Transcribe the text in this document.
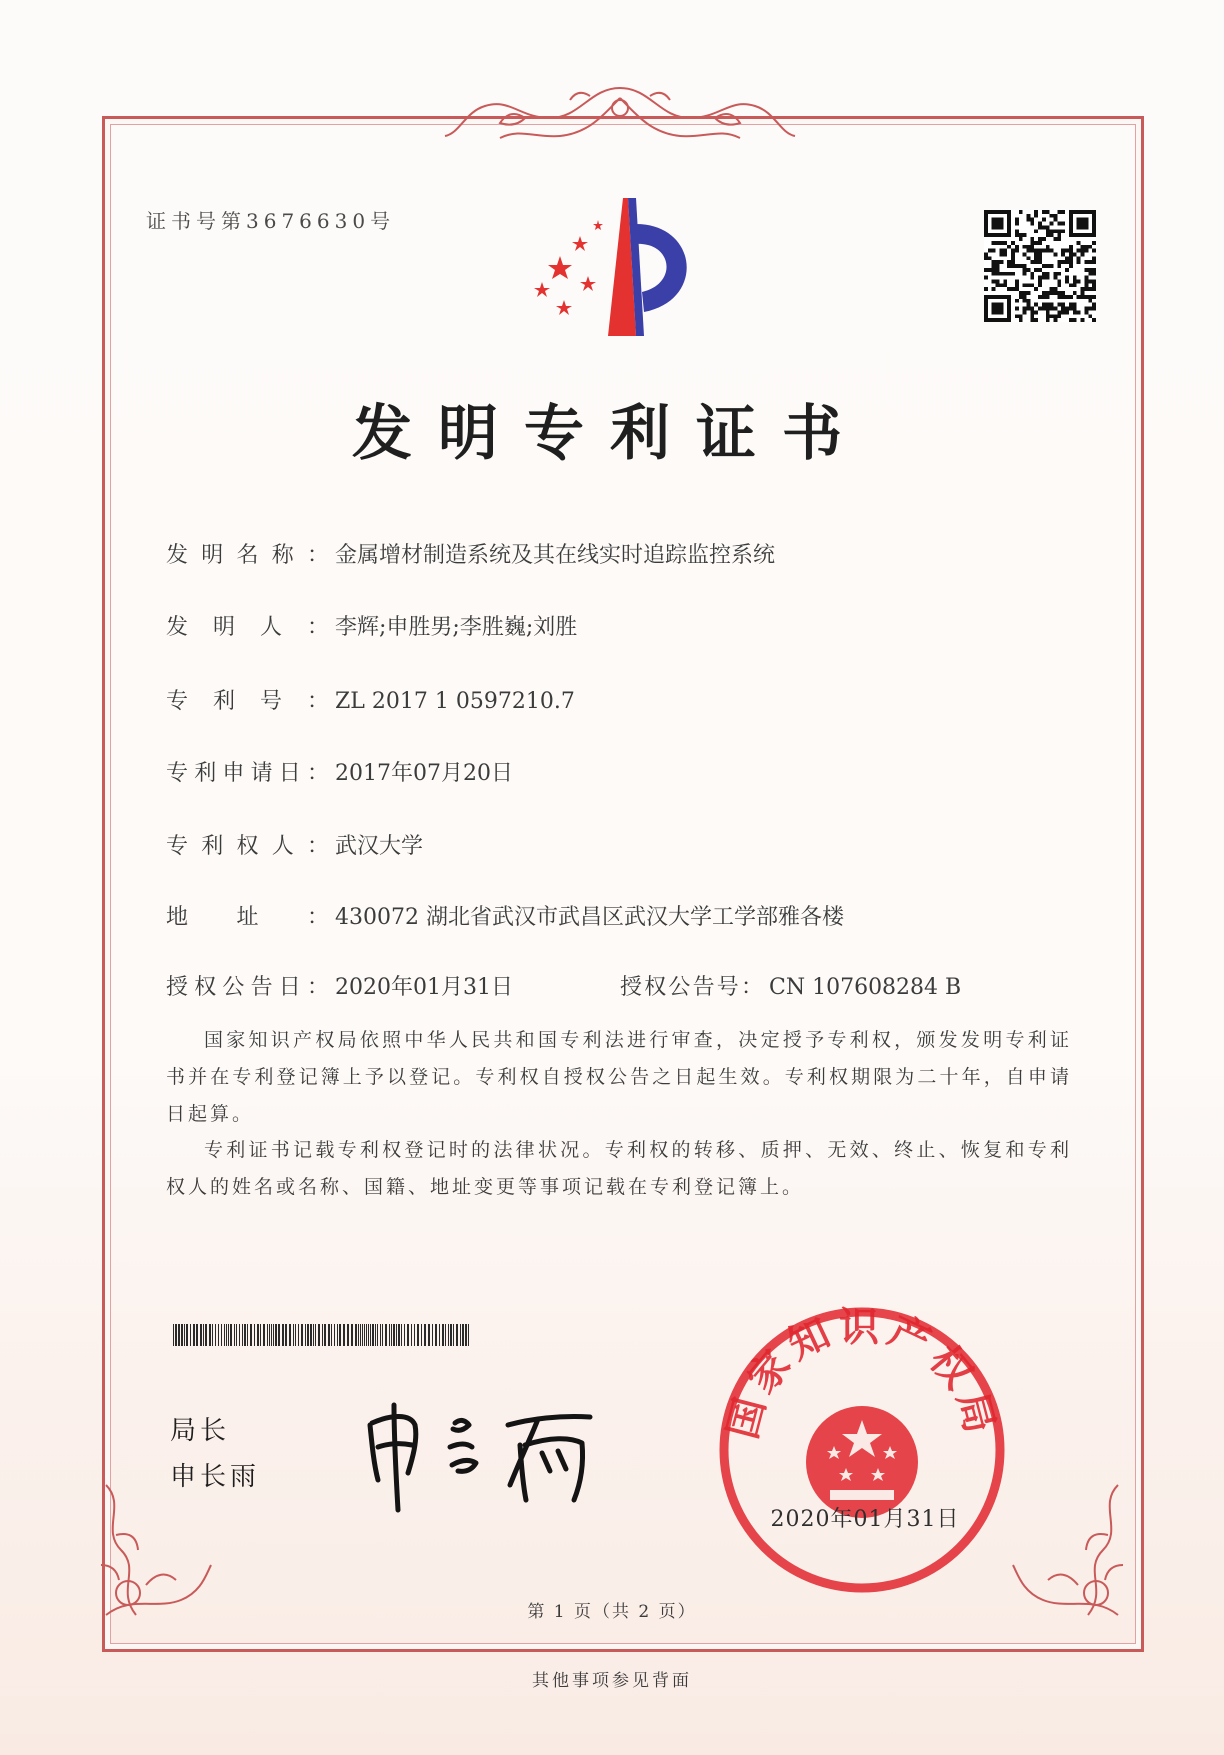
证书号第3676630号
发明专利证书
发明名称： 金属增材制造系统及其在线实时追踪监控系统
发明人： 李辉;申胜男;李胜巍;刘胜
专利号： ZL 2017 1 0597210.7
专利申请日： 2017年07月20日
专利权人： 武汉大学
地址： 430072 湖北省武汉市武昌区武汉大学工学部雅各楼
授权公告日： 2020年01月31日	授权公告号： CN 107608284 B

国家知识产权局依照中华人民共和国专利法进行审查，决定授予专利权，颁发发明专利证书并在专利登记簿上予以登记。专利权自授权公告之日起生效。专利权期限为二十年，自申请日起算。

专利证书记载专利权登记时的法律状况。专利权的转移、质押、无效、终止、恢复和专利权人的姓名或名称、国籍、地址变更等事项记载在专利登记簿上。

局长
申长雨
国家知识产权局
2020年01月31日
第 1 页（共 2 页）
其他事项参见背面
